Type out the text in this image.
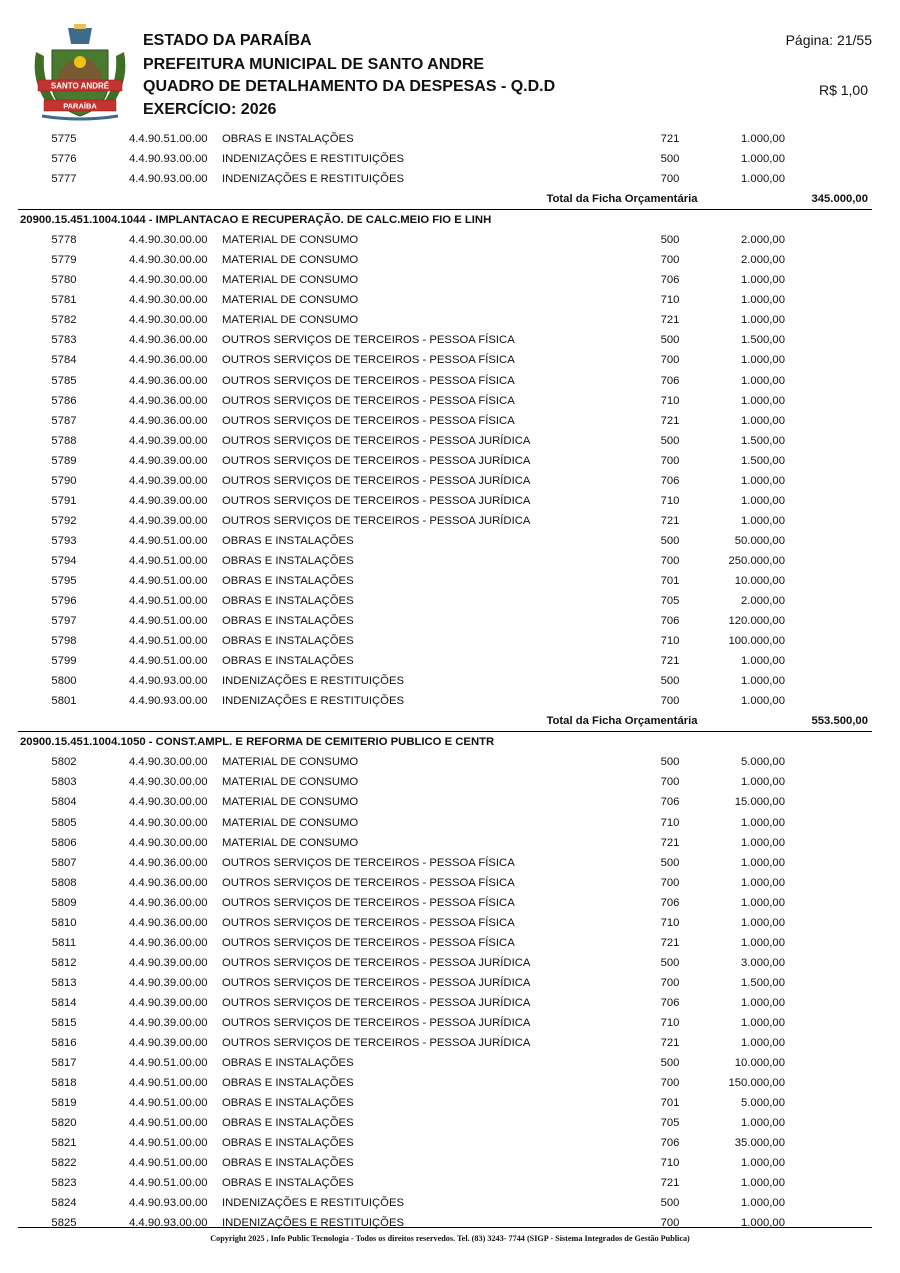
SANTO ANDRÉ
PARAÍBA
ESTADO DA PARAÍBA
PREFEITURA MUNICIPAL DE SANTO ANDRE
QUADRO DE DETALHAMENTO DA DESPESAS - Q.D.D
EXERCÍCIO: 2026
Página: 21/55
R$ 1,00
5775	4.4.90.51.00.00 OBRAS E INSTALAÇÕES	721	1.000,00
5776	4.4.90.93.00.00 INDENIZAÇÕES E RESTITUIÇÕES	500	1.000,00
5777	4.4.90.93.00.00 INDENIZAÇÕES E RESTITUIÇÕES	700	1.000,00
Total da Ficha Orçamentária	345.000,00
20900.15.451.1004.1044 - IMPLANTACAO E RECUPERAÇÃO. DE CALC.MEIO FIO E LINH
5778	4.4.90.30.00.00 MATERIAL DE CONSUMO	500	2.000,00
5779	4.4.90.30.00.00 MATERIAL DE CONSUMO	700	2.000,00
5780	4.4.90.30.00.00 MATERIAL DE CONSUMO	706	1.000,00
5781	4.4.90.30.00.00 MATERIAL DE CONSUMO	710	1.000,00
5782	4.4.90.30.00.00 MATERIAL DE CONSUMO	721	1.000,00
5783	4.4.90.36.00.00 OUTROS SERVIÇOS DE TERCEIROS - PESSOA FÍSICA	500	1.500,00
5784	4.4.90.36.00.00 OUTROS SERVIÇOS DE TERCEIROS - PESSOA FÍSICA	700	1.000,00
5785	4.4.90.36.00.00 OUTROS SERVIÇOS DE TERCEIROS - PESSOA FÍSICA	706	1.000,00
5786	4.4.90.36.00.00 OUTROS SERVIÇOS DE TERCEIROS - PESSOA FÍSICA	710	1.000,00
5787	4.4.90.36.00.00 OUTROS SERVIÇOS DE TERCEIROS - PESSOA FÍSICA	721	1.000,00
5788	4.4.90.39.00.00 OUTROS SERVIÇOS DE TERCEIROS - PESSOA JURÍDICA	500	1.500,00
5789	4.4.90.39.00.00 OUTROS SERVIÇOS DE TERCEIROS - PESSOA JURÍDICA	700	1.500,00
5790	4.4.90.39.00.00 OUTROS SERVIÇOS DE TERCEIROS - PESSOA JURÍDICA	706	1.000,00
5791	4.4.90.39.00.00 OUTROS SERVIÇOS DE TERCEIROS - PESSOA JURÍDICA	710	1.000,00
5792	4.4.90.39.00.00 OUTROS SERVIÇOS DE TERCEIROS - PESSOA JURÍDICA	721	1.000,00
5793	4.4.90.51.00.00 OBRAS E INSTALAÇÕES	500	50.000,00
5794	4.4.90.51.00.00 OBRAS E INSTALAÇÕES	700	250.000,00
5795	4.4.90.51.00.00 OBRAS E INSTALAÇÕES	701	10.000,00
5796	4.4.90.51.00.00 OBRAS E INSTALAÇÕES	705	2.000,00
5797	4.4.90.51.00.00 OBRAS E INSTALAÇÕES	706	120.000,00
5798	4.4.90.51.00.00 OBRAS E INSTALAÇÕES	710	100.000,00
5799	4.4.90.51.00.00 OBRAS E INSTALAÇÕES	721	1.000,00
5800	4.4.90.93.00.00 INDENIZAÇÕES E RESTITUIÇÕES	500	1.000,00
5801	4.4.90.93.00.00 INDENIZAÇÕES E RESTITUIÇÕES	700	1.000,00
Total da Ficha Orçamentária	553.500,00
20900.15.451.1004.1050 - CONST.AMPL. E REFORMA DE CEMITERIO PUBLICO E CENTR
5802	4.4.90.30.00.00 MATERIAL DE CONSUMO	500	5.000,00
5803	4.4.90.30.00.00 MATERIAL DE CONSUMO	700	1.000,00
5804	4.4.90.30.00.00 MATERIAL DE CONSUMO	706	15.000,00
5805	4.4.90.30.00.00 MATERIAL DE CONSUMO	710	1.000,00
5806	4.4.90.30.00.00 MATERIAL DE CONSUMO	721	1.000,00
5807	4.4.90.36.00.00 OUTROS SERVIÇOS DE TERCEIROS - PESSOA FÍSICA	500	1.000,00
5808	4.4.90.36.00.00 OUTROS SERVIÇOS DE TERCEIROS - PESSOA FÍSICA	700	1.000,00
5809	4.4.90.36.00.00 OUTROS SERVIÇOS DE TERCEIROS - PESSOA FÍSICA	706	1.000,00
5810	4.4.90.36.00.00 OUTROS SERVIÇOS DE TERCEIROS - PESSOA FÍSICA	710	1.000,00
5811	4.4.90.36.00.00 OUTROS SERVIÇOS DE TERCEIROS - PESSOA FÍSICA	721	1.000,00
5812	4.4.90.39.00.00 OUTROS SERVIÇOS DE TERCEIROS - PESSOA JURÍDICA	500	3.000,00
5813	4.4.90.39.00.00 OUTROS SERVIÇOS DE TERCEIROS - PESSOA JURÍDICA	700	1.500,00
5814	4.4.90.39.00.00 OUTROS SERVIÇOS DE TERCEIROS - PESSOA JURÍDICA	706	1.000,00
5815	4.4.90.39.00.00 OUTROS SERVIÇOS DE TERCEIROS - PESSOA JURÍDICA	710	1.000,00
5816	4.4.90.39.00.00 OUTROS SERVIÇOS DE TERCEIROS - PESSOA JURÍDICA	721	1.000,00
5817	4.4.90.51.00.00 OBRAS E INSTALAÇÕES	500	10.000,00
5818	4.4.90.51.00.00 OBRAS E INSTALAÇÕES	700	150.000,00
5819	4.4.90.51.00.00 OBRAS E INSTALAÇÕES	701	5.000,00
5820	4.4.90.51.00.00 OBRAS E INSTALAÇÕES	705	1.000,00
5821	4.4.90.51.00.00 OBRAS E INSTALAÇÕES	706	35.000,00
5822	4.4.90.51.00.00 OBRAS E INSTALAÇÕES	710	1.000,00
5823	4.4.90.51.00.00 OBRAS E INSTALAÇÕES	721	1.000,00
5824	4.4.90.93.00.00 INDENIZAÇÕES E RESTITUIÇÕES	500	1.000,00
5825	4.4.90.93.00.00 INDENIZAÇÕES E RESTITUIÇÕES	700	1.000,00
Copyright 2025 , Info Public Tecnologia - Todos os direitos reservedos. Tel. (83) 3243- 7744 (SIGP - Sistema Integrados de Gestão Publica)
